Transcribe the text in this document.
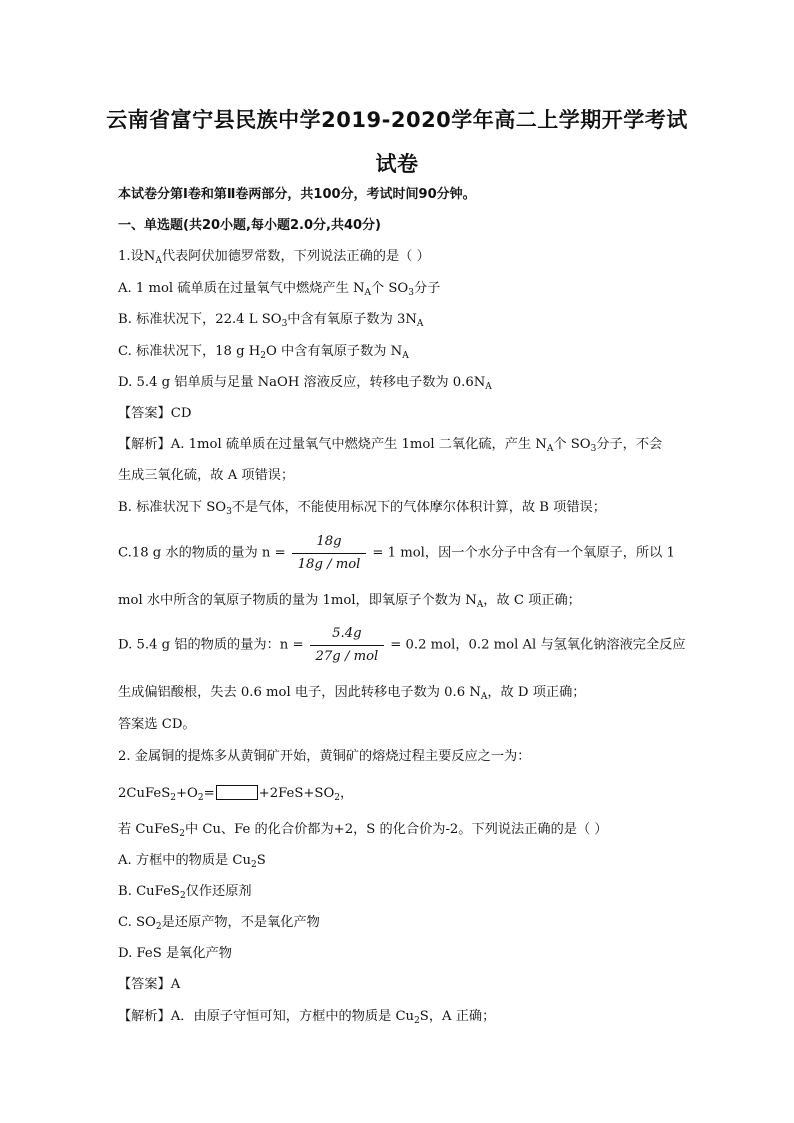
云南省富宁县民族中学2019-2020学年高二上学期开学考试
试卷
本试卷分第Ⅰ卷和第Ⅱ卷两部分，共100分，考试时间90分钟。
一、单选题(共20小题,每小题2.0分,共40分)
1.设$N_A$代表阿伏加德罗常数，下列说法正确的是（ ）
A. 1 mol 硫单质在过量氧气中燃烧产生 $N_A$个 $SO_3$分子
B. 标准状况下，22.4 L $SO_3$中含有氧原子数为 $3N_A$
C. 标准状况下，18 g $H_2O$ 中含有氧原子数为 $N_A$
D. 5.4 g 铝单质与足量 NaOH 溶液反应，转移电子数为 $0.6N_A$
【答案】CD
【解析】A. 1mol 硫单质在过量氧气中燃烧产生 1mol 二氧化硫，产生 $N_A$个 $SO_3$分子，不会
生成三氧化硫，故 A 项错误；
B. 标准状况下 $SO_3$不是气体，不能使用标况下的气体摩尔体积计算，故 B 项错误；
C.18 g 水的物质的量为 $n = \frac{18g}{\text{18g / mol}} = 1$ mol，因一个水分子中含有一个氧原子，所以 1
mol 水中所含的氧原子物质的量为 1mol，即氧原子个数为 $N_A$，故 C 项正确；
D. 5.4 g 铝的物质的量为：$n = \frac{5.4g}{\text{27g / mol}} = 0.2$ mol，0.2 mol Al 与氢氧化钠溶液完全反应
生成偏铝酸根，失去 0.6 mol 电子，因此转移电子数为 0.6 $N_A$，故 D 项正确；
答案选 CD。
2. 金属铜的提炼多从黄铜矿开始，黄铜矿的熔烧过程主要反应之一为：
$2CuFeS_2+O_2=$	$+2FeS+SO_2$，
若 CuFeS$_2$中 Cu、Fe 的化合价都为+2，S 的化合价为-2。下列说法正确的是（ ）
A. 方框中的物质是 $Cu_2S$
B. CuFeS$_2$仅作还原剂
C. $SO_2$是还原产物，不是氧化产物
D. FeS 是氧化产物
【答案】A
【解析】A．由原子守恒可知，方框中的物质是 $Cu_2S$，A 正确；
